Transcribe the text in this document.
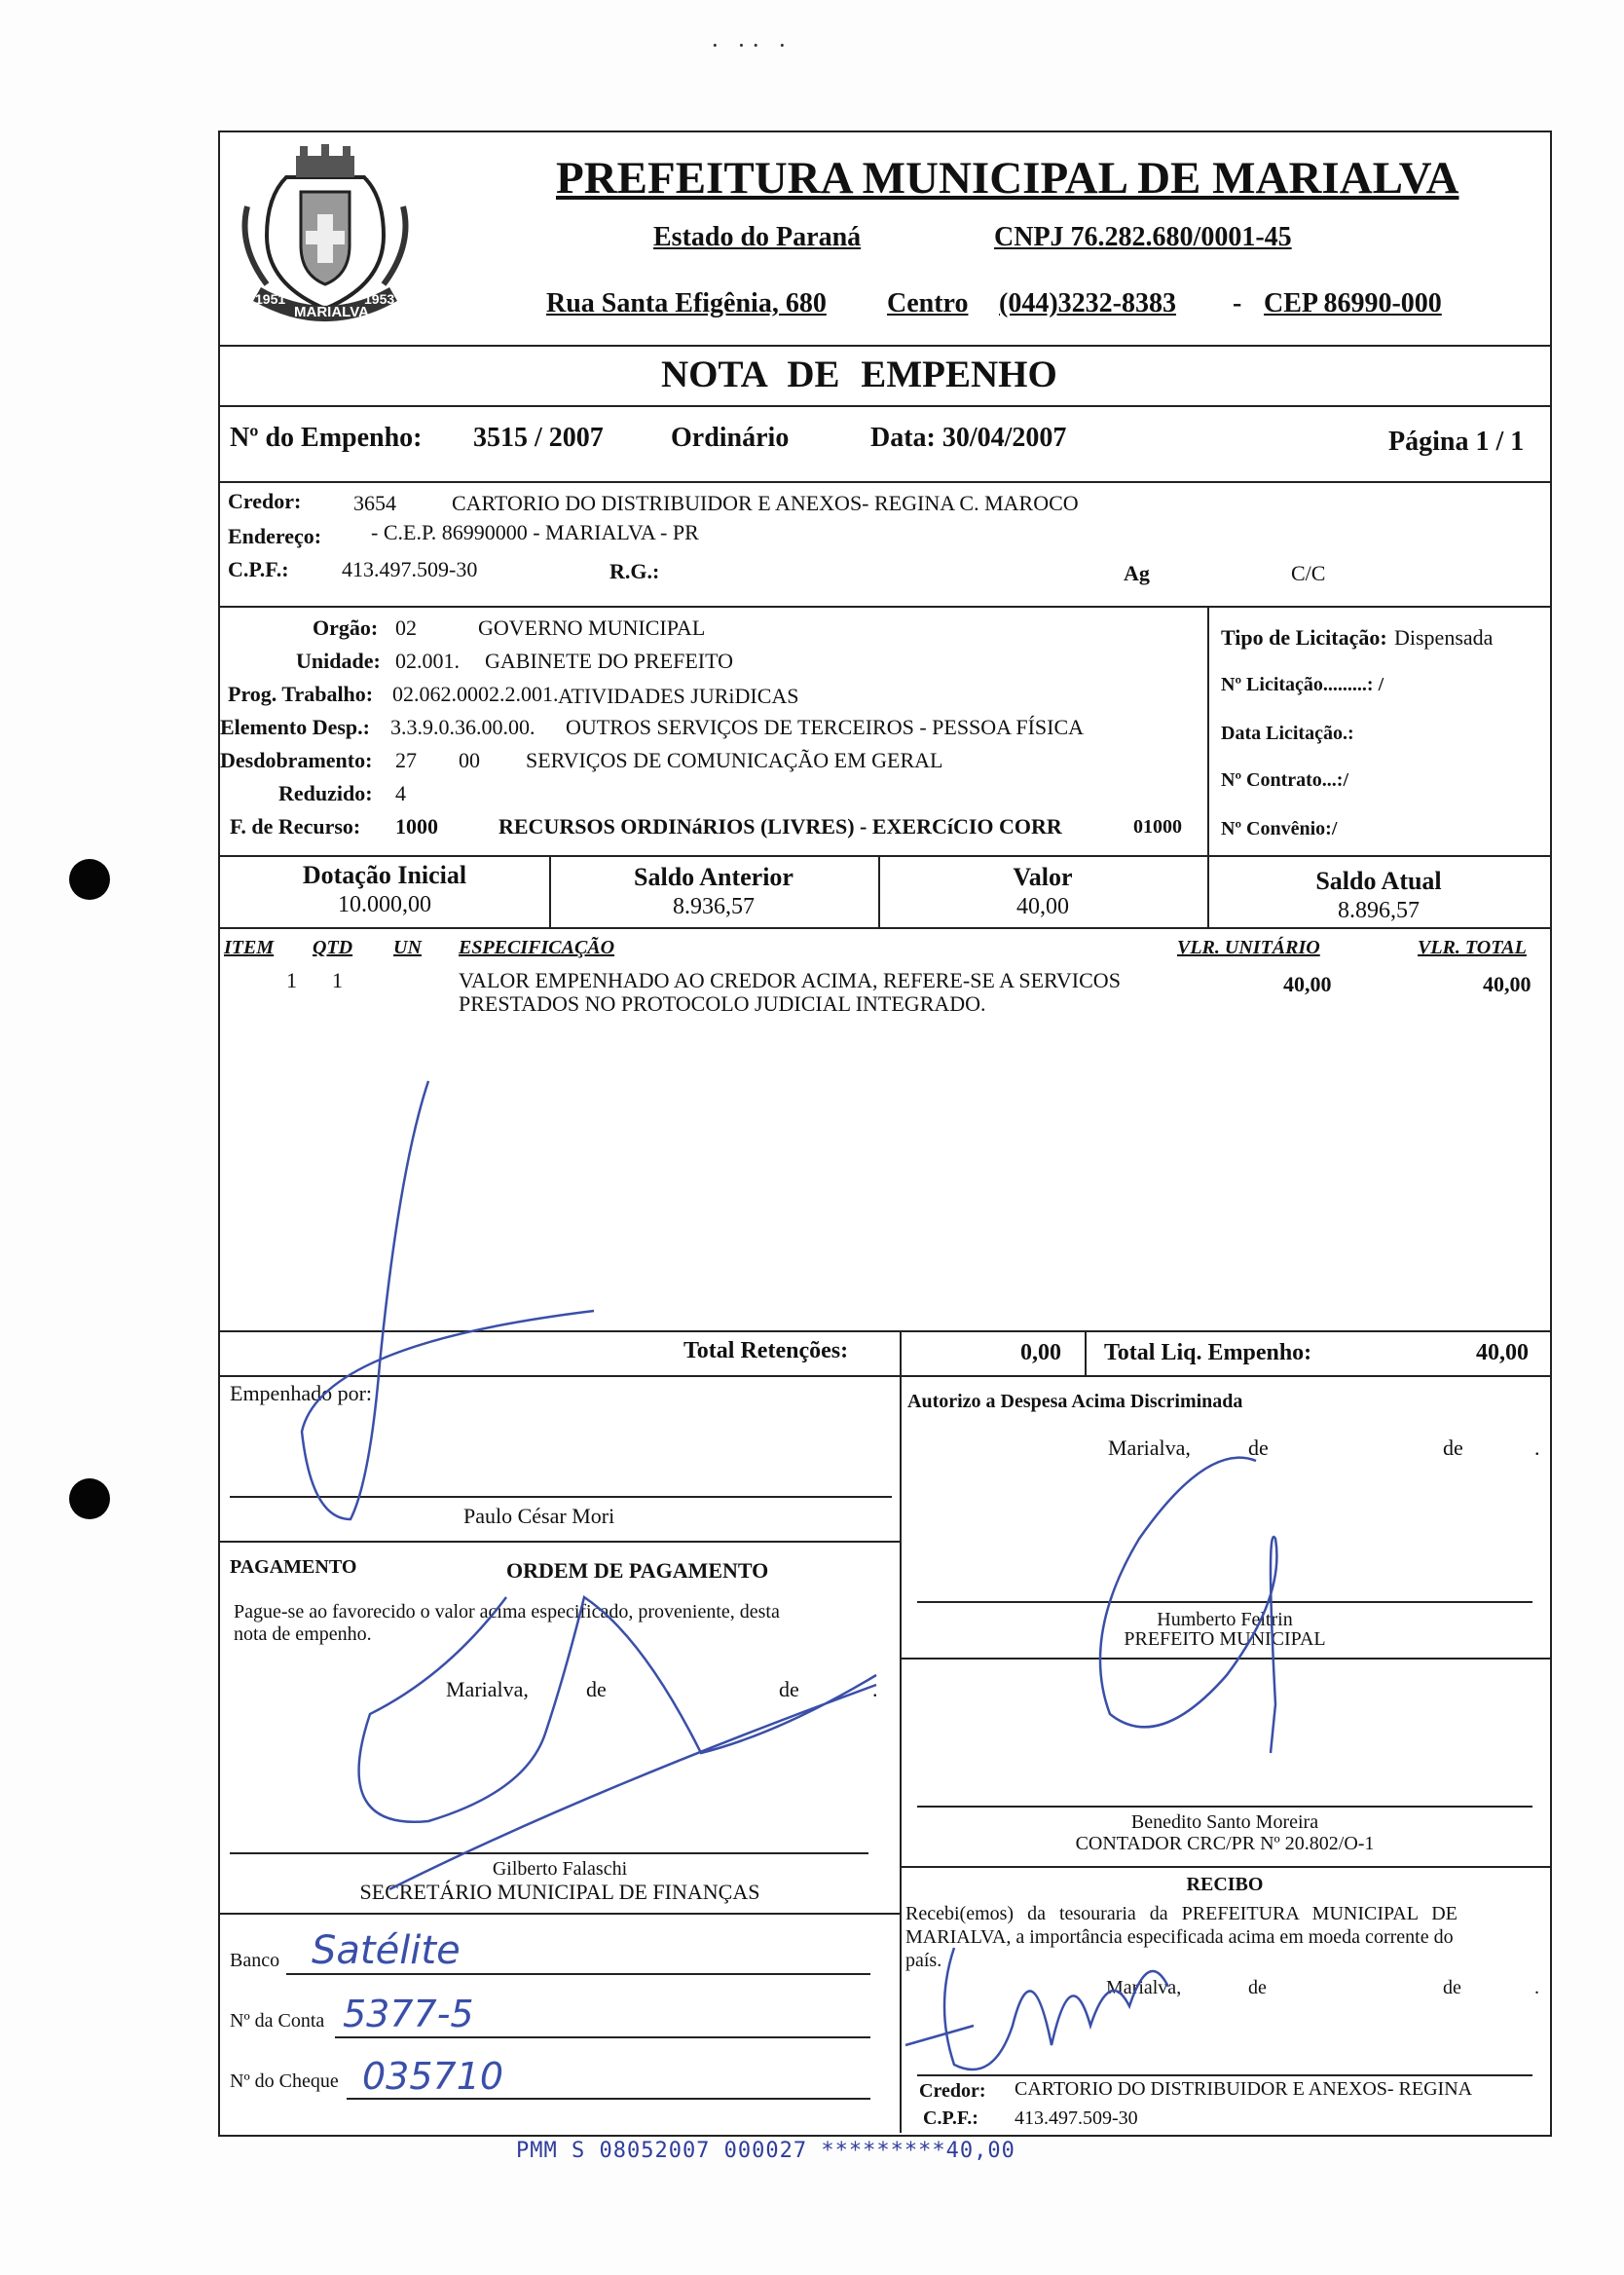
· ·· ·
1951
MARIALVA
1953
PREFEITURA MUNICIPAL DE MARIALVA
Estado do Paraná	CNPJ 76.282.680/0001-45
Rua Santa Efigênia, 680 Centro (044)3232-8383 - CEP 86990-000
NOTA DE EMPENHO
Nº do Empenho: 3515 / 2007 Ordinário	Data: 30/04/2007	Página 1 / 1
Credor: 3654	CARTORIO DO DISTRIBUIDOR E ANEXOS- REGINA C. MAROCO
Endereço: - C.E.P. 86990000 - MARIALVA - PR
C.P.F.: 413.497.509-30	R.G.:	Ag	C/C
Orgão: 02	GOVERNO MUNICIPAL
Unidade: 02.001. GABINETE DO PREFEITO
Prog. Trabalho: 02.062.0002.2.001. ATIVIDADES JURiDICAS
Elemento Desp.: 3.3.9.0.36.00.00. OUTROS SERVIÇOS DE TERCEIROS - PESSOA FÍSICA
Desdobramento: 27 00 SERVIÇOS DE COMUNICAÇÃO EM GERAL
Reduzido: 4
F. de Recurso: 1000	RECURSOS ORDINáRIOS (LIVRES) - EXERCíCIO CORR	01000
Tipo de Licitação: Dispensada
Nº Licitação.........: /
Data Licitação.:
Nº Contrato...:/
Nº Convênio:/
Dotação Inicial
10.000,00
Saldo Anterior
8.936,57
Valor
40,00
Saldo Atual
8.896,57
ITEM QTD UN ESPECIFICAÇÃO	VLR. UNITÁRIO	VLR. TOTAL
1 1	VALOR EMPENHADO AO CREDOR ACIMA, REFERE-SE A SERVICOS
PRESTADOS NO PROTOCOLO JUDICIAL INTEGRADO.
40,00	40,00
Total Retenções:	0,00 Total Liq. Empenho:	40,00
Empenhado por:
Paulo César Mori
PAGAMENTO	ORDEM DE PAGAMENTO
Pague-se ao favorecido o valor acima especificado, proveniente, desta
nota de empenho.
Marialva,	de	de	.
Gilberto Falaschi
SECRETÁRIO MUNICIPAL DE FINANÇAS
Banco Satélite
Nº da Conta 5377-5
Nº do Cheque 035710
Autorizo a Despesa Acima Discriminada
Marialva,	de	de	.
Humberto Feltrin
PREFEITO MUNICIPAL
Benedito Santo Moreira
CONTADOR CRC/PR Nº 20.802/O-1
RECIBO
Recebi(emos) da tesouraria da PREFEITURA MUNICIPAL DE
MARIALVA, a importância especificada acima em moeda corrente do
país.
Marialva,	de	de	.
Credor: CARTORIO DO DISTRIBUIDOR E ANEXOS- REGINA
C.P.F.: 413.497.509-30
PMM S 08052007 000027 *********40,00
